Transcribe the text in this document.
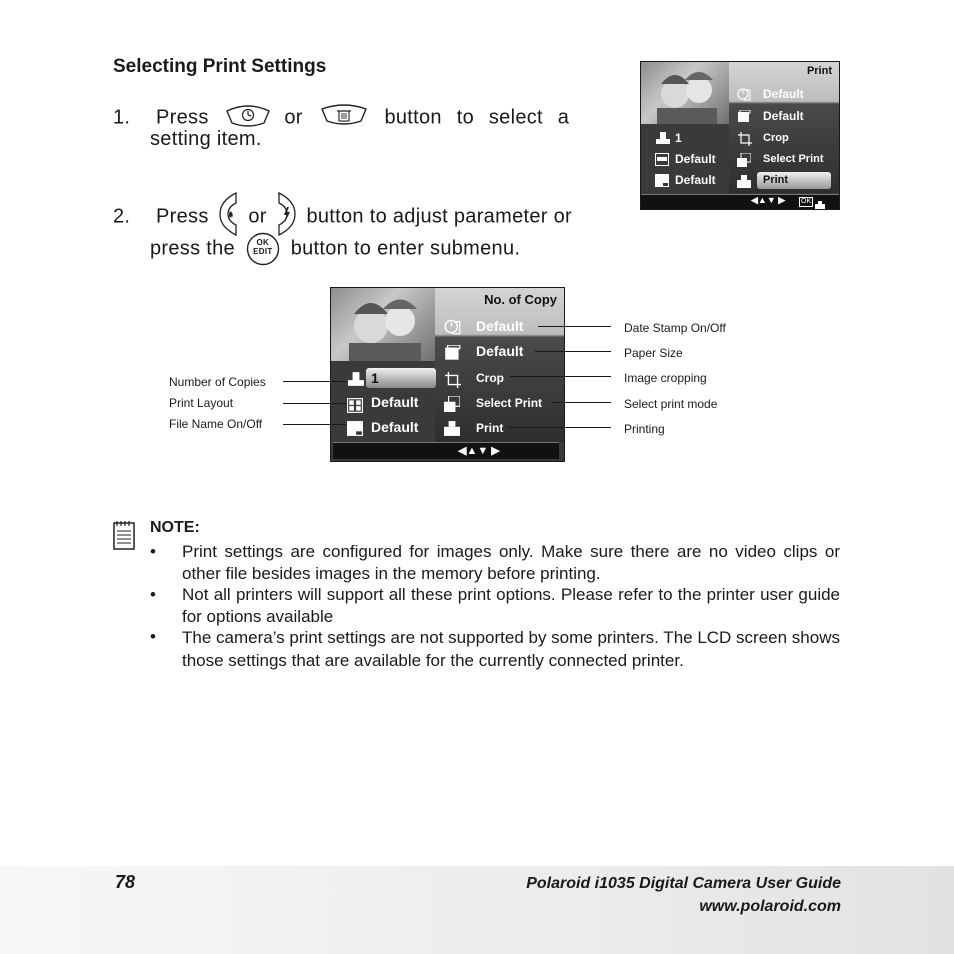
Selecting Print Settings
1. Press	or	button to select a
setting item.
2. Press or button to adjust parameter or
press the	OK
EDIT button to enter submenu.
Print
Default
Default
1	Crop
Default	Select Print
Default	Print
◀▲▼ ▶ OK
No. of Copy
Default
Default
1	Crop
Default	Select Print
Default	Print
◀▲▼ ▶
Number of Copies
Print Layout
File Name On/Off
Date Stamp On/Off
Paper Size
Image cropping
Select print mode
Printing
NOTE:
• Print settings are configured for images only. Make sure there are no video clips or other file besides images in the memory before printing.
• Not all printers will support all these print options. Please refer to the printer user guide for options available
• The camera’s print settings are not supported by some printers. The LCD screen shows those settings that are available for the currently connected printer.
78	Polaroid i1035 Digital Camera User Guide
www.polaroid.com
